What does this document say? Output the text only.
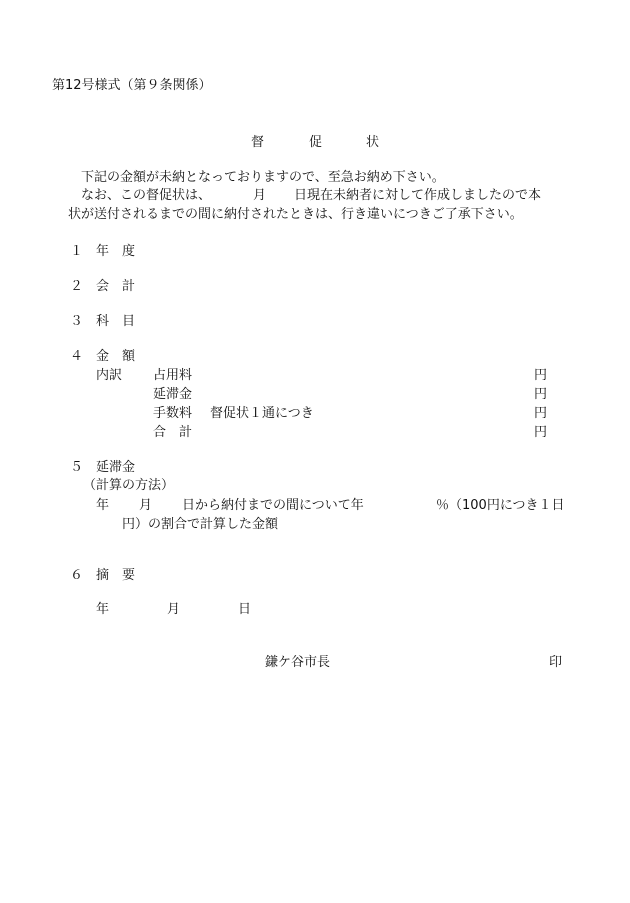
第12号様式（第９条関係）
督	促	状
下記の金額が未納となっておりますので、至急お納め下さい。
なお、この督促状は、	月 日現在未納者に対して作成しましたので本
状が送付されるまでの間に納付されたときは、行き違いにつきご了承下さい。
１ 年　度
２ 会　計
３ 科　目
４ 金　額
内訳 占用料	円
延滞金	円
手数料 督促状１通につき	円
合　計	円
５ 延滞金
（計算の方法）
年 月 日から納付までの間について年	％（100円につき１日
円）の割合で計算した金額
６ 摘　要
年	月	日
鎌ケ谷市長	印
